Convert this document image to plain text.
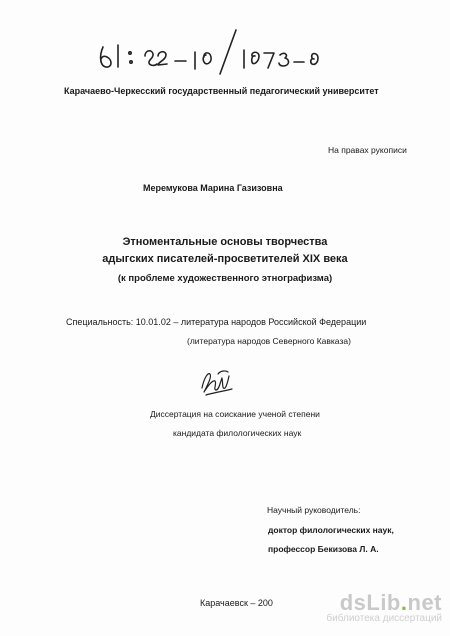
Карачаево-Черкесский государственный педагогический университет
На правах рукописи
Меремукова Марина Газизовна
Этноментальные основы творчества
адыгских писателей-просветителей XIX века
(к проблеме художественного этнографизма)
Специальность: 10.01.02 – литература народов Российской Федерации
(литература народов Северного Кавказа)
Диссертация на соискание ученой степени
кандидата филологических наук
Научный руководитель:
доктор филологических наук,
профессор Бекизова Л. А.
Карачаевск – 200	dsLib.net
библиотека диссертаций
